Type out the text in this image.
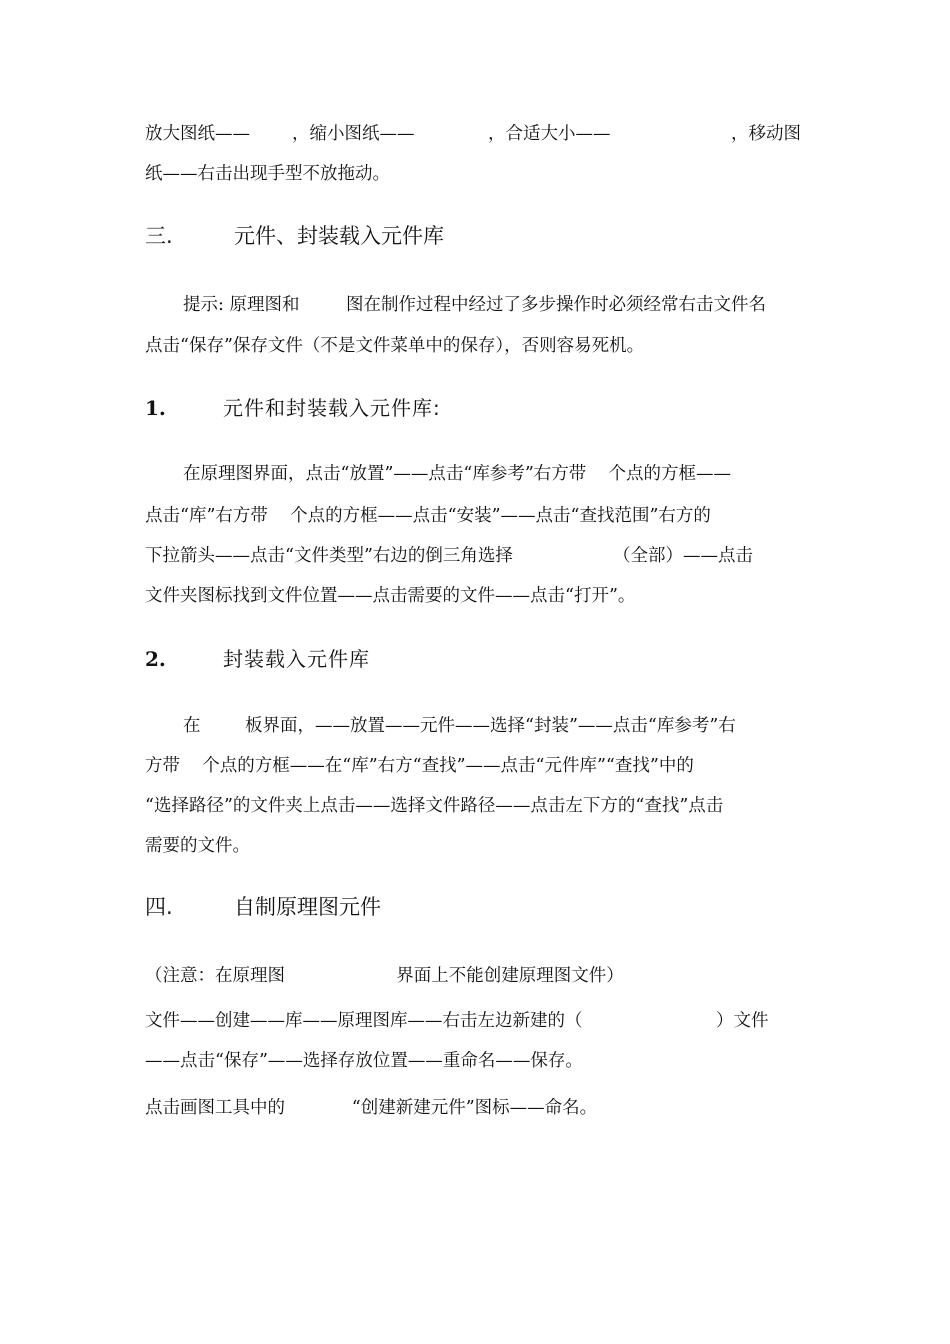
放大图纸—— ，缩小图纸——	，合适大小——	，移动图
纸——右击出现手型不放拖动。
三.	元件、封装载入元件库
提示: 原理图和	图在制作过程中经过了多步操作时必须经常右击文件名
点击“保存”保存文件（不是文件菜单中的保存），否则容易死机。
1.	元件和封装载入元件库:
在原理图界面，点击“放置”——点击“库参考”右方带    个点的方框——
点击“库”右方带    个点的方框——点击“安装”——点击“查找范围”右方的
下拉箭头——点击“文件类型”右边的倒三角选择                  （全部）——点击
文件夹图标找到文件位置——点击需要的文件——点击“打开”。
2.	封装载入元件库
在        板界面，——放置——元件——选择“封装”——点击“库参考”右
方带    个点的方框——在“库”右方“查找”——点击“元件库”“查找”中的
“选择路径”的文件夹上点击——选择文件路径——点击左下方的“查找”点击
需要的文件。
四.	自制原理图元件
（注意：在原理图                    界面上不能创建原理图文件）
文件——创建——库——原理图库——右击左边新建的（                        ）文件
——点击“保存”——选择存放位置——重命名——保存。
点击画图工具中的            “创建新建元件”图标——命名。
